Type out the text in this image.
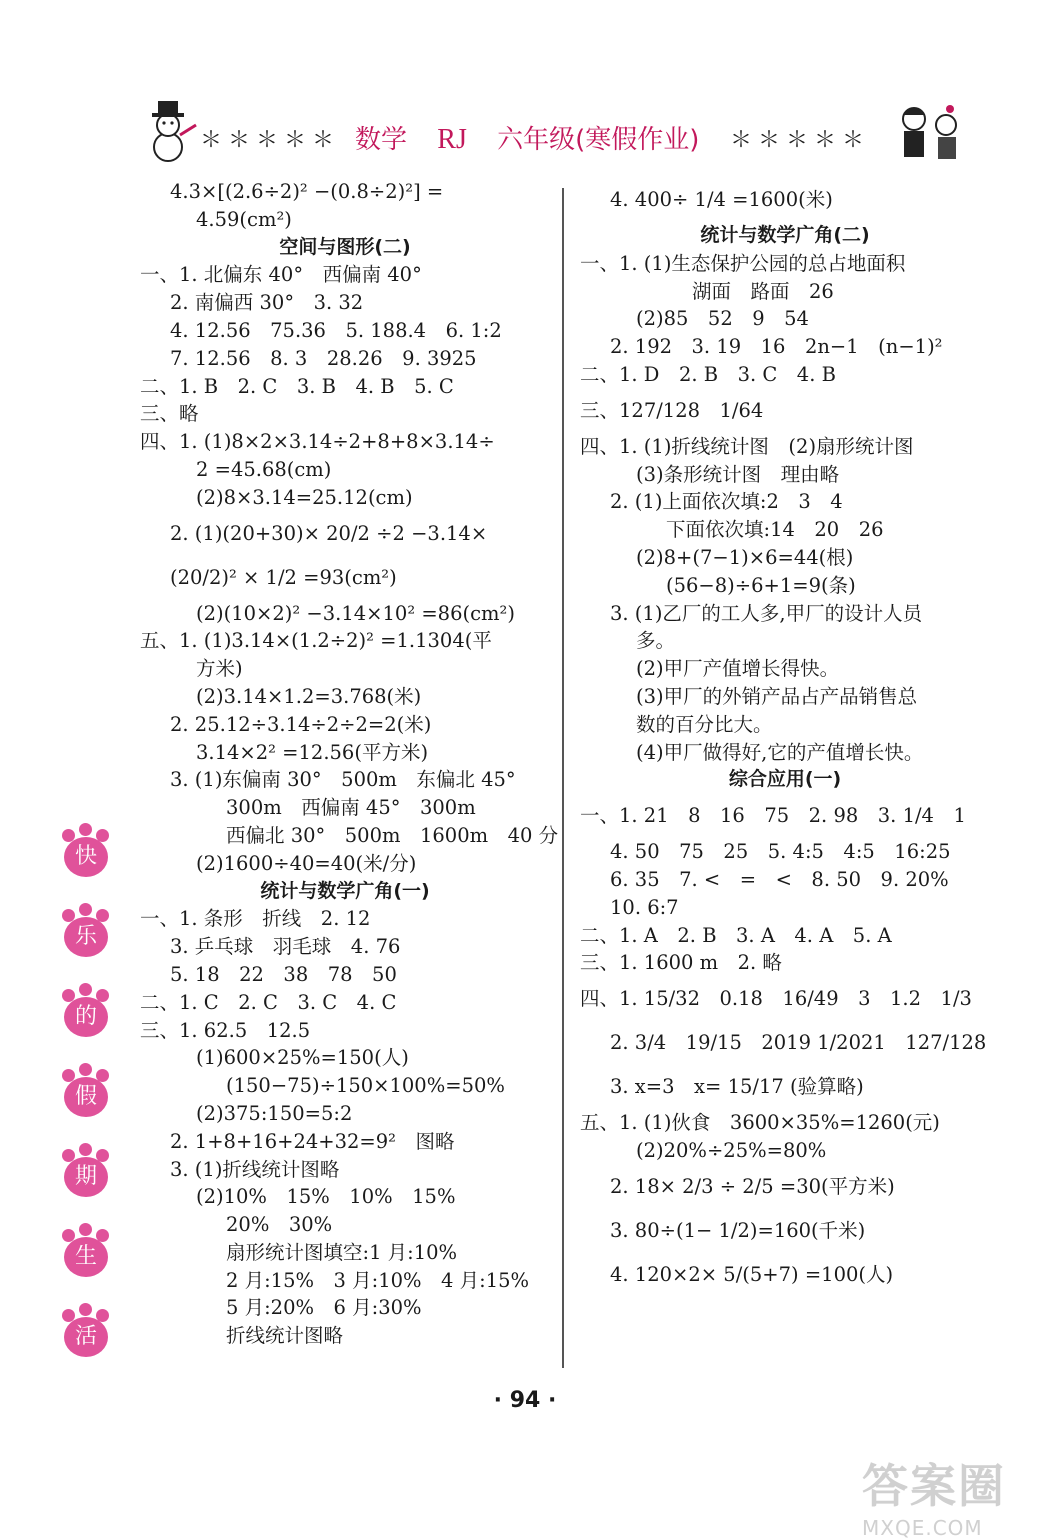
＊＊＊＊＊ 数学 RJ 六年级(寒假作业)	＊＊＊＊＊
4.3×[(2.6÷2)² −(0.8÷2)²] =
4.59(cm²)
空间与图形(二)
一、1. 北偏东 40°　西偏南 40°
2. 南偏西 30°　3. 32
4. 12.56　75.36　5. 188.4　6. 1:2
7. 12.56　8. 3　28.26　9. 3925
二、1. B　2. C　3. B　4. B　5. C
三、略
四、1. (1)8×2×3.14÷2+8+8×3.14÷
2 =45.68(cm)
(2)8×3.14=25.12(cm)
2. (1)(20+30)× 20/2 ÷2 −3.14×
(20/2)² × 1/2 =93(cm²)
(2)(10×2)² −3.14×10² =86(cm²)
五、1. (1)3.14×(1.2÷2)² =1.1304(平
方米)
(2)3.14×1.2=3.768(米)
2. 25.12÷3.14÷2÷2=2(米)
3.14×2² =12.56(平方米)
3. (1)东偏南 30°　500m　东偏北 45°
300m　西偏南 45°　300m
西偏北 30°　500m　1600m　40 分
(2)1600÷40=40(米/分)
统计与数学广角(一)
一、1. 条形　折线　2. 12
3. 乒乓球　羽毛球　4. 76
5. 18　22　38　78　50
二、1. C　2. C　3. C　4. C
三、1. 62.5　12.5
(1)600×25%=150(人)
(150−75)÷150×100%=50%
(2)375:150=5:2
2. 1+8+16+24+32=9²　图略
3. (1)折线统计图略
(2)10%　15%　10%　15%
20%　30%
扇形统计图填空:1 月:10%
2 月:15%　3 月:10%　4 月:15%
5 月:20%　6 月:30%
折线统计图略
4. 400÷ 1/4 =1600(米)
统计与数学广角(二)
一、1. (1)生态保护公园的总占地面积
湖面　路面　26
(2)85　52　9　54
2. 192　3. 19　16　2n−1　(n−1)²
二、1. D　2. B　3. C　4. B
三、127/128　1/64
四、1. (1)折线统计图　(2)扇形统计图
(3)条形统计图　理由略
2. (1)上面依次填:2　3　4
下面依次填:14　20　26
(2)8+(7−1)×6=44(根)
(56−8)÷6+1=9(条)
3. (1)乙厂的工人多,甲厂的设计人员
多。
(2)甲厂产值增长得快。
(3)甲厂的外销产品占产品销售总
数的百分比大。
(4)甲厂做得好,它的产值增长快。
综合应用(一)
一、1. 21　8　16　75　2. 98　3. 1/4　1
4. 50　75　25　5. 4:5　4:5　16:25
6. 35　7. <　=　<　8. 50　9. 20%
10. 6:7
二、1. A　2. B　3. A　4. A　5. A
三、1. 1600 m　2. 略
四、1. 15/32　0.18　16/49　3　1.2　1/3
2. 3/4　19/15　2019 1/2021　127/128
3. x=3　x= 15/17 (验算略)
五、1. (1)伙食　3600×35%=1260(元)
(2)20%÷25%=80%
2. 18× 2/3 ÷ 2/5 =30(平方米)
3. 80÷(1− 1/2)=160(千米)
4. 120×2× 5/(5+7) =100(人)
快
乐
的
假
期
生
活
· 94 ·
答案圈
MXQE.COM
